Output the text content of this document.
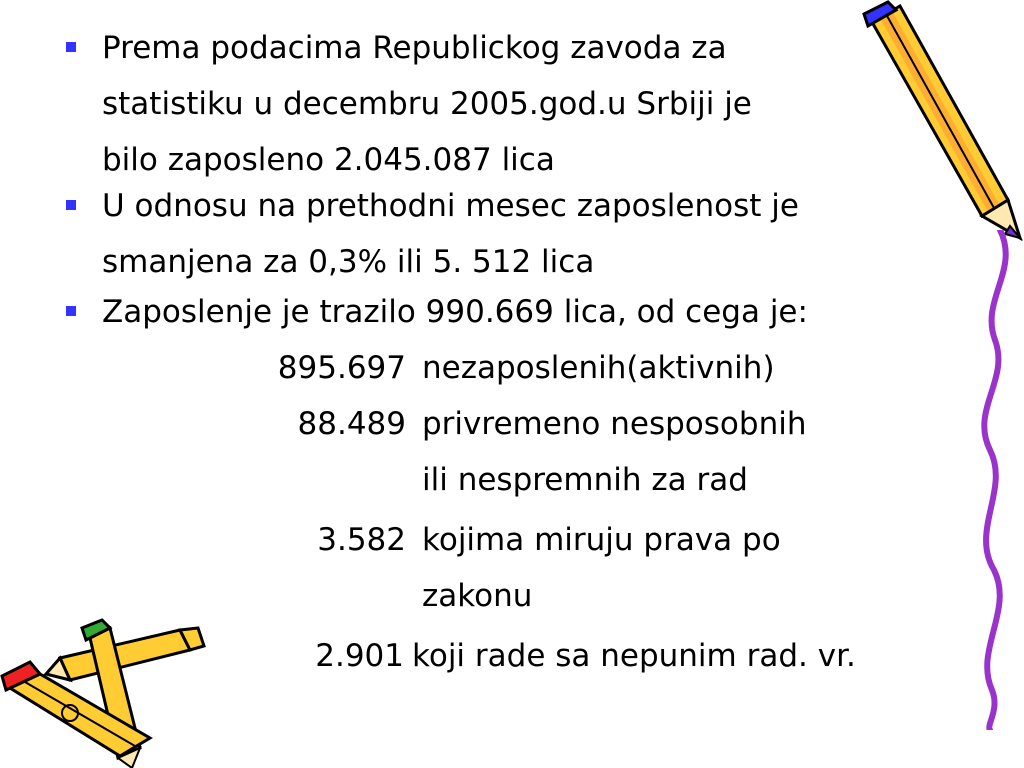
Prema podacima Republickog zavoda za
statistiku u decembru 2005.god.u Srbiji je
bilo zaposleno 2.045.087 lica
U odnosu na prethodni mesec zaposlenost je
smanjena za 0,3% ili 5. 512 lica
Zaposlenje je trazilo 990.669 lica, od cega je:
895.697 nezaposlenih(aktivnih)
88.489 privremeno nesposobnih
ili nespremnih za rad
3.582 kojima miruju prava po
zakonu
2.901 koji rade sa nepunim rad. vr.
